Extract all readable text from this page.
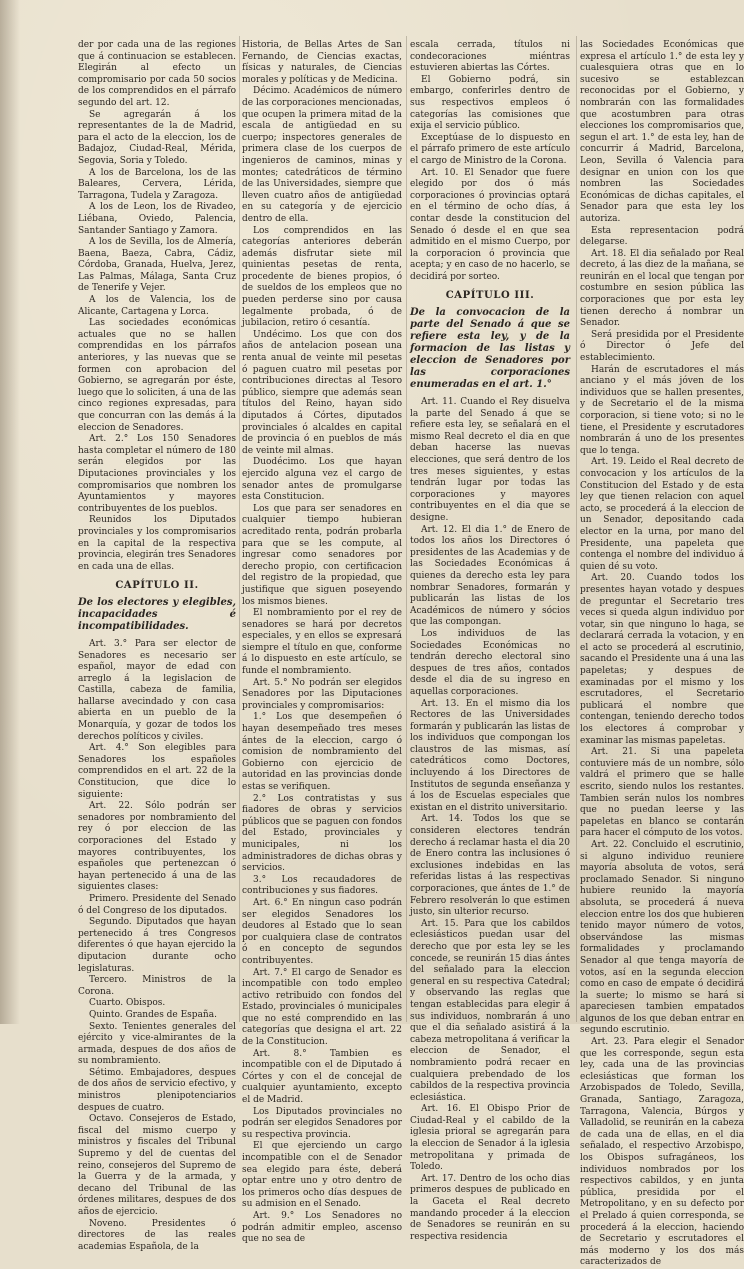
der por cada una de las regiones que á continuacion se establecen. Elegirán al efecto un compromisario por cada 50 socios de los comprendidos en el párrafo segundo del art. 12.

Se agregarán á los representantes de la de Madrid, para el acto de la eleccion, los de Badajoz, Ciudad-Real, Mérida, Segovia, Soria y Toledo.

A los de Barcelona, los de las Baleares, Cervera, Lérida, Tarragona, Tudela y Zaragoza.

A los de Leon, los de Rivadeo, Liébana, Oviedo, Palencia, Santander Santiago y Zamora.

A los de Sevilla, los de Almería, Baena, Baeza, Cabra, Cádiz, Córdoba, Granada, Huelva, Jerez, Las Palmas, Málaga, Santa Cruz de Tenerife y Vejer.

A los de Valencia, los de Alicante, Cartagena y Lorca.

Las sociedades económicas actuales que no se hallen comprendidas en los párrafos anteriores, y las nuevas que se formen con aprobacion del Gobierno, se agregarán por éste, luego que lo soliciten, á una de las cinco regiones expresadas, para que concurran con las demás á la eleccion de Senadores.

Art. 2.° Los 150 Senadores hasta completar el número de 180 serán elegidos por las Diputaciones provinciales y los compromisarios que nombren los Ayuntamientos y mayores contribuyentes de los pueblos.

Reunidos los Diputados provinciales y los compromisarios en la capital de la respectiva provincia, elegirán tres Senadores en cada una de ellas.

CAPÍTULO II.

De los electores y elegibles, incapacidades é incompatibilidades.

Art. 3.° Para ser elector de Senadores es necesario ser español, mayor de edad con arreglo á la legislacion de Castilla, cabeza de familia, hallarse avecindado y con casa abierta en un pueblo de la Monarquía, y gozar de todos los derechos políticos y civiles.

Art. 4.° Son elegibles para Senadores los españoles comprendidos en el art. 22 de la Constitucion, que dice lo siguiente:

Art. 22. Sólo podrán ser senadores por nombramiento del rey ó por eleccion de las corporaciones del Estado y mayores contribuyentes, los españoles que pertenezcan ó hayan pertenecido á una de las siguientes clases:

Primero. Presidente del Senado ó del Congreso de los diputados.

Segundo. Diputados que hayan pertenecido á tres Congresos diferentes ó que hayan ejercido la diputacion durante ocho legislaturas.

Tercero. Ministros de la Corona.

Cuarto. Obispos.

Quinto. Grandes de España.

Sexto. Tenientes generales del ejército y vice-almirantes de la armada, despues de dos años de su nombramiento.

Sétimo. Embajadores, despues de dos años de servicio efectivo, y ministros plenipotenciarios despues de cuatro.

Octavo. Consejeros de Estado, fiscal del mismo cuerpo y ministros y fiscales del Tribunal Supremo y del de cuentas del reino, consejeros del Supremo de la Guerra y de la armada, y decano del Tribunal de las órdenes militares, despues de dos años de ejercicio.

Noveno. Presidentes ó directores de las reales academias Española, de la

Historia, de Bellas Artes de San Fernando, de Ciencias exactas, físicas y naturales, de Ciencias morales y políticas y de Medicina.

Décimo. Académicos de número de las corporaciones mencionadas, que ocupen la primera mitad de la escala de antigüedad en su cuerpo; inspectores generales de primera clase de los cuerpos de ingenieros de caminos, minas y montes; catedráticos de término de las Universidades, siempre que lleven cuatro años de antigüedad en su categoría y de ejercicio dentro de ella.

Los comprendidos en las categorías anteriores deberán además disfrutar siete mil quinientas pesetas de renta, procedente de bienes propios, ó de sueldos de los empleos que no pueden perderse sino por causa legalmente probada, ó de jubilacion, retiro ó cesantía.

Undécimo. Los que con dos años de antelacion posean una renta anual de veinte mil pesetas ó paguen cuatro mil pesetas por contribuciones directas al Tesoro público, siempre que además sean títulos del Reino, hayan sido diputados á Córtes, diputados provinciales ó alcaldes en capital de provincia ó en pueblos de más de veinte mil almas.

Duodécimo. Los que hayan ejercido alguna vez el cargo de senador antes de promulgarse esta Constitucion.

Los que para ser senadores en cualquier tiempo hubieran acreditado renta, podrán probarla para que se les compute, al ingresar como senadores por derecho propio, con certificacion del registro de la propiedad, que justifique que siguen poseyendo los mismos bienes.

El nombramiento por el rey de senadores se hará por decretos especiales, y en ellos se expresará siempre el título en que, conforme á lo dispuesto en este artículo, se funde el nombramiento.

Art. 5.° No podrán ser elegidos Senadores por las Diputaciones provinciales y compromisarios:

1.° Los que desempeñen ó hayan desempeñado tres meses ántes de la eleccion, cargo ó comision de nombramiento del Gobierno con ejercicio de autoridad en las provincias donde estas se verifiquen.

2.° Los contratistas y sus fiadores de obras y servicios públicos que se paguen con fondos del Estado, provinciales y municipales, ni los administradores de dichas obras y servicios.

3.° Los recaudadores de contribuciones y sus fiadores.

Art. 6.° En ningun caso podrán ser elegidos Senadores los deudores al Estado que lo sean por cualquiera clase de contratos ó en concepto de segundos contribuyentes.

Art. 7.° El cargo de Senador es incompatible con todo empleo activo retribuido con fondos del Estado, provinciales ó municipales que no esté comprendido en las categorías que designa el art. 22 de la Constitucion.

Art. 8.° Tambien es incompatible con el de Diputado á Córtes y con el de concejal de cualquier ayuntamiento, excepto el de Madrid.

Los Diputados provinciales no podrán ser elegidos Senadores por su respectiva provincia.

El que ejerciendo un cargo incompatible con el de Senador sea elegido para éste, deberá optar entre uno y otro dentro de los primeros ocho días despues de su admision en el Senado.

Art. 9.° Los Senadores no podrán admitir empleo, ascenso que no sea de

escala cerrada, títulos ni condecoraciones miéntras estuvieren abiertas las Córtes.

El Gobierno podrá, sin embargo, conferirles dentro de sus respectivos empleos ó categorías las comisiones que exija el servicio público.

Exceptúase de lo dispuesto en el párrafo primero de este artículo el cargo de Ministro de la Corona.

Art. 10. El Senador que fuere elegido por dos ó más corporaciones ó provincias optará en el término de ocho días, á contar desde la constitucion del Senado ó desde el en que sea admitido en el mismo Cuerpo, por la corporacion ó provincia que acepta; y en caso de no hacerlo, se decidirá por sorteo.

CAPÍTULO III.

De la convocacion de la parte del Senado á que se refiere esta ley, y de la formacion de las listas y eleccion de Senadores por las corporaciones enumeradas en el art. 1.°

Art. 11. Cuando el Rey disuelva la parte del Senado á que se refiere esta ley, se señalará en el mismo Real decreto el dia en que deban hacerse las nuevas elecciones, que será dentro de los tres meses siguientes, y estas tendrán lugar por todas las corporaciones y mayores contribuyentes en el dia que se designe.

Art. 12. El dia 1.° de Enero de todos los años los Directores ó presidentes de las Academias y de las Sociedades Económicas á quienes da derecho esta ley para nombrar Senadores, formarán y publicarán las listas de los Académicos de número y sócios que las compongan.

Los individuos de las Sociedades Económicas no tendrán derecho electoral sino despues de tres años, contados desde el dia de su ingreso en aquellas corporaciones.

Art. 13. En el mismo dia los Rectores de las Universidades formarán y publicarán las listas de los individuos que compongan los claustros de las mismas, así catedráticos como Doctores, incluyendo á los Directores de Institutos de segunda enseñanza y á los de Escuelas especiales que existan en el distrito universitario.

Art. 14. Todos los que se consideren electores tendrán derecho á reclamar hasta el dia 20 de Enero contra las inclusiones ó exclusiones indebidas en las referidas listas á las respectivas corporaciones, que ántes de 1.° de Febrero resolverán lo que estimen justo, sin ulterior recurso.

Art. 15. Para que los cabildos eclesiásticos puedan usar del derecho que por esta ley se les concede, se reunirán 15 dias ántes del señalado para la eleccion general en su respectiva Catedral; y observando las reglas que tengan establecidas para elegir á sus individuos, nombrarán á uno que el dia señalado asistirá á la cabeza metropolitana á verificar la eleccion de Senador, el nombramiento podrá recaer en cualquiera prebendado de los cabildos de la respectiva provincia eclesiástica.

Art. 16. El Obispo Prior de Ciudad-Real y el cabildo de la iglesia prioral se agregarán para la eleccion de Senador á la iglesia metropolitana y primada de Toledo.

Art. 17. Dentro de los ocho dias primeros despues de publicado en la Gaceta el Real decreto mandando proceder á la eleccion de Senadores se reunirán en su respectiva residencia

las Sociedades Económicas que expresa el artículo 1.° de esta ley y cualesquiera otras que en lo sucesivo se establezcan reconocidas por el Gobierno, y nombrarán con las formalidades que acostumbren para otras elecciones los compromisarios que, segun el art. 1.° de esta ley, han de concurrir á Madrid, Barcelona, Leon, Sevilla ó Valencia para designar en union con los que nombren las Sociedades Económicas de dichas capitales, el Senador para que esta ley los autoriza.

Esta representacion podrá delegarse.

Art. 18. El dia señalado por Real decreto, á las diez de la mañana, se reunirán en el local que tengan por costumbre en sesion pública las corporaciones que por esta ley tienen derecho á nombrar un Senador.

Será presidida por el Presidente ó Director ó Jefe del establecimiento.

Harán de escrutadores el más anciano y el más jóven de los individuos que se hallen presentes, y de Secretario el de la misma corporacion, si tiene voto; si no le tiene, el Presidente y escrutadores nombrarán á uno de los presentes que lo tenga.

Art. 19. Leido el Real decreto de convocacion y los artículos de la Constitucion del Estado y de esta ley que tienen relacion con aquel acto, se procederá á la eleccion de un Senador, depositando cada elector en la urna, por mano del Presidente, una papeleta que contenga el nombre del individuo á quien dé su voto.

Art. 20. Cuando todos los presentes hayan votado y despues de preguntar el Secretario tres veces si queda algun individuo por votar, sin que ninguno lo haga, se declarará cerrada la votacion, y en el acto se procederá al escrutinio, sacando el Presidente una á una las papeletas; y despues de examinadas por el mismo y los escrutadores, el Secretario publicará el nombre que contengan, teniendo derecho todos los electores á comprobar y examinar las mismas papeletas.

Art. 21. Si una papeleta contuviere más de un nombre, sólo valdrá el primero que se halle escrito, siendo nulos los restantes. Tambien serán nulos los nombres que no puedan leerse y las papeletas en blanco se contarán para hacer el cómputo de los votos.

Art. 22. Concluido el escrutinio, si alguno individuo reuniere mayoría absoluta de votos, será proclamado Senador. Si ninguno hubiere reunido la mayoría absoluta, se procederá á nueva eleccion entre los dos que hubieren tenido mayor número de votos, observándose las mismas formalidades y proclamando Senador al que tenga mayoría de votos, así en la segunda eleccion como en caso de empate ó decidirá la suerte; lo mismo se hará si apareciesen tambien empatados algunos de los que deban entrar en segundo escrutinio.

Art. 23. Para elegir el Senador que les corresponde, segun esta ley, cada una de las provincias eclesiásticas que forman los Arzobispados de Toledo, Sevilla, Granada, Santiago, Zaragoza, Tarragona, Valencia, Búrgos y Valladolid, se reunirán en la cabeza de cada una de ellas, en el dia señalado, el respectivo Arzobispo, los Obispos sufragáneos, los individuos nombrados por los respectivos cabildos, y en junta pública, presidida por el Metropolitano, y en su defecto por el Prelado á quien corresponda, se procederá á la eleccion, haciendo de Secretario y escrutadores el más moderno y los dos más caracterizados de
